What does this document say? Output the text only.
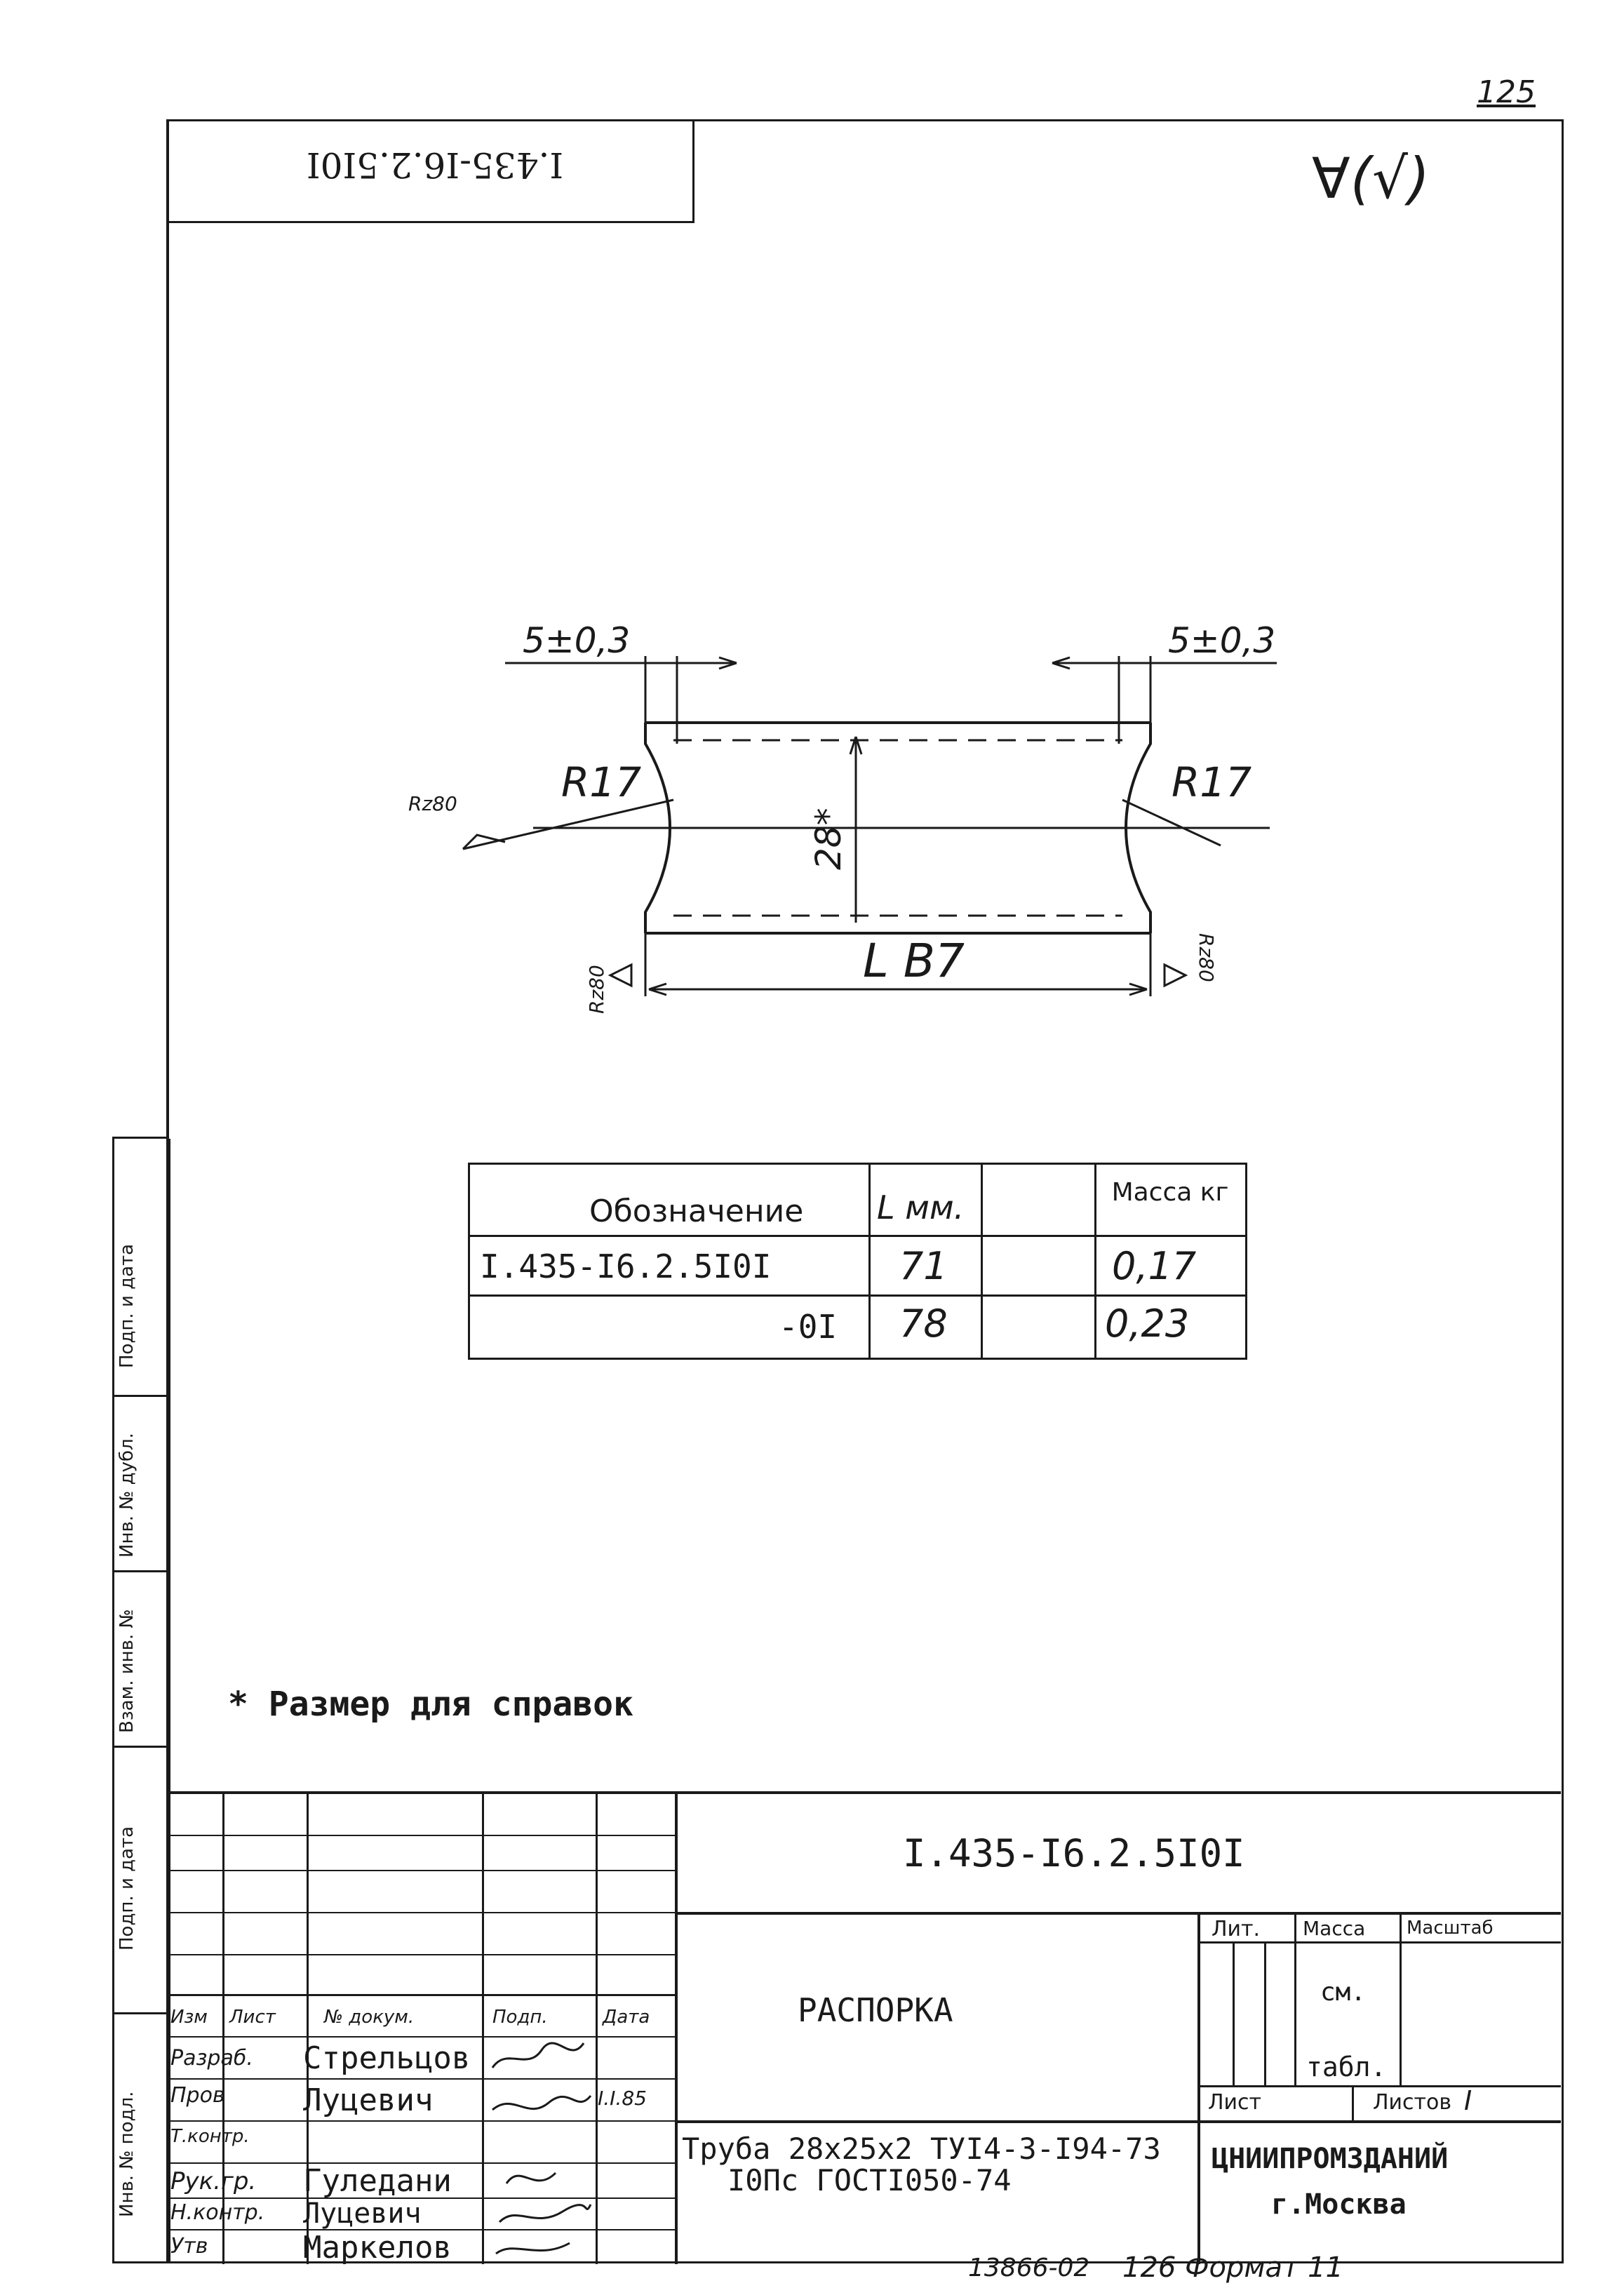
125
I.435-I6.2.5I0I	∀(√)
5±0,3	5±0,3
R17	R17
28*
L В7
Rz80
Rz80
Rz80
Обозначение L мм.	Масса кг
I.435-I6.2.5I0I	71	0,17
-0I 78	0,23
* Размер для справок
Подп. и дата
Взам. инв. №
Инв. № дубл.
Подп. и дата
Инв. № подл.
I.435-I6.2.5I0I
РАСПОРКА
Труба 28х25х2 ТУI4-3-I94-73
I0Пс ГОСТI050-74
Изм Лист	№ докум.	Подп.	Дата
Разраб. Стрельцов
Пров	Луцевич	I.I.85
Т.контр.
Рук.гр. Гуледани
Н.контр. Луцевич
Утв	Маркелов
Лит. Масса Масштаб
см.
табл.
Лист	Листов I
ЦНИИПРОМЗДАНИЙ
г.Москва
13866-02 126 Формат 11
